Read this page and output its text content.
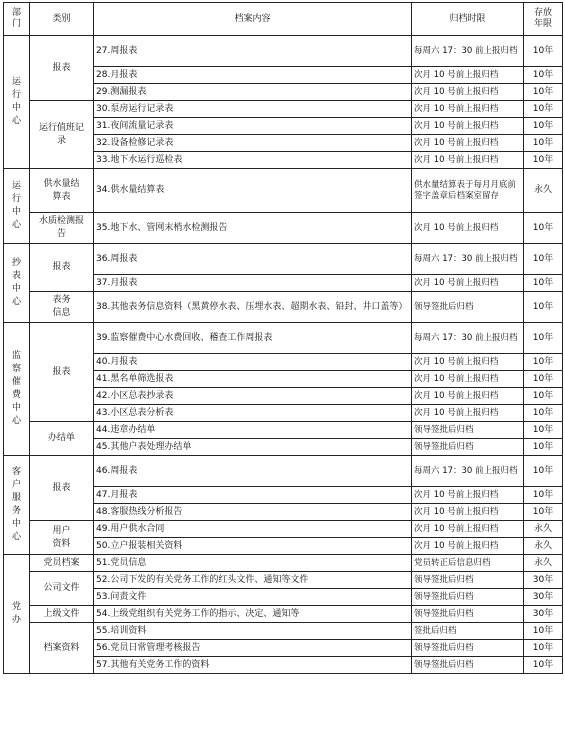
部门	类别	档案内容	归档时限	存放年限
运行中心	报表	27.周报表	每周六 17：30 前上报归档	10年
		28.月报表	次月 10 号前上报归档	10年
		29.测漏报表	次月 10 号前上报归档	10年
	运行值班记录	30.泵房运行记录表	次月 10 号前上报归档	10年
		31.夜间流量记录表	次月 10 号前上报归档	10年
		32.设备检修记录表	次月 10 号前上报归档	10年
		33.地下水运行巡检表	次月 10 号前上报归档	10年
运行中心	供水量结算表	34.供水量结算表	供水量结算表于每月月底前签字盖章后档案室留存	永久
	水质检测报告	35.地下水、管网末梢水检测报告	次月 10 号前上报归档	10年
抄表中心	报表	36.周报表	每周六 17：30 前上报归档	10年
		37.月报表	次月 10 号前上报归档	10年
	表务信息	38.其他表务信息资料（黑黄停水表、压埋水表、超期水表、铅封、井口盖等）	领导签批后归档	10年
监察催费中心	报表	39.监察催费中心水费回收、稽查工作周报表	每周六 17：30 前上报归档	10年
		40.月报表	次月 10 号前上报归档	10年
		41.黑名单筛选报表	次月 10 号前上报归档	10年
		42.小区总表抄录表	次月 10 号前上报归档	10年
		43.小区总表分析表	次月 10 号前上报归档	10年
	办结单	44.违章办结单	领导签批后归档	10年
		45.其他户表处理办结单	领导签批后归档	10年
客户服务中心	报表	46.周报表	每周六 17：30 前上报归档	10年
		47.月报表	次月 10 号前上报归档	10年
		48.客服热线分析报告	次月 10 号前上报归档	10年
	用户资料	49.用户供水合同	次月 10 号前上报归档	永久
		50.立户报装相关资料	次月 10 号前上报归档	永久
党办	党员档案	51.党员信息	党员转正后信息归档	永久
	公司文件	52.公司下发的有关党务工作的红头文件、通知等文件	领导签批后归档	30年
		53.问责文件	领导签批后归档	30年
	上级文件	54.上级党组织有关党务工作的指示、决定、通知等	领导签批后归档	30年
	档案资料	55.培训资料	签批后归档	10年
		56.党员日常管理考核报告	领导签批后归档	10年
		57.其他有关党务工作的资料	领导签批后归档	10年
